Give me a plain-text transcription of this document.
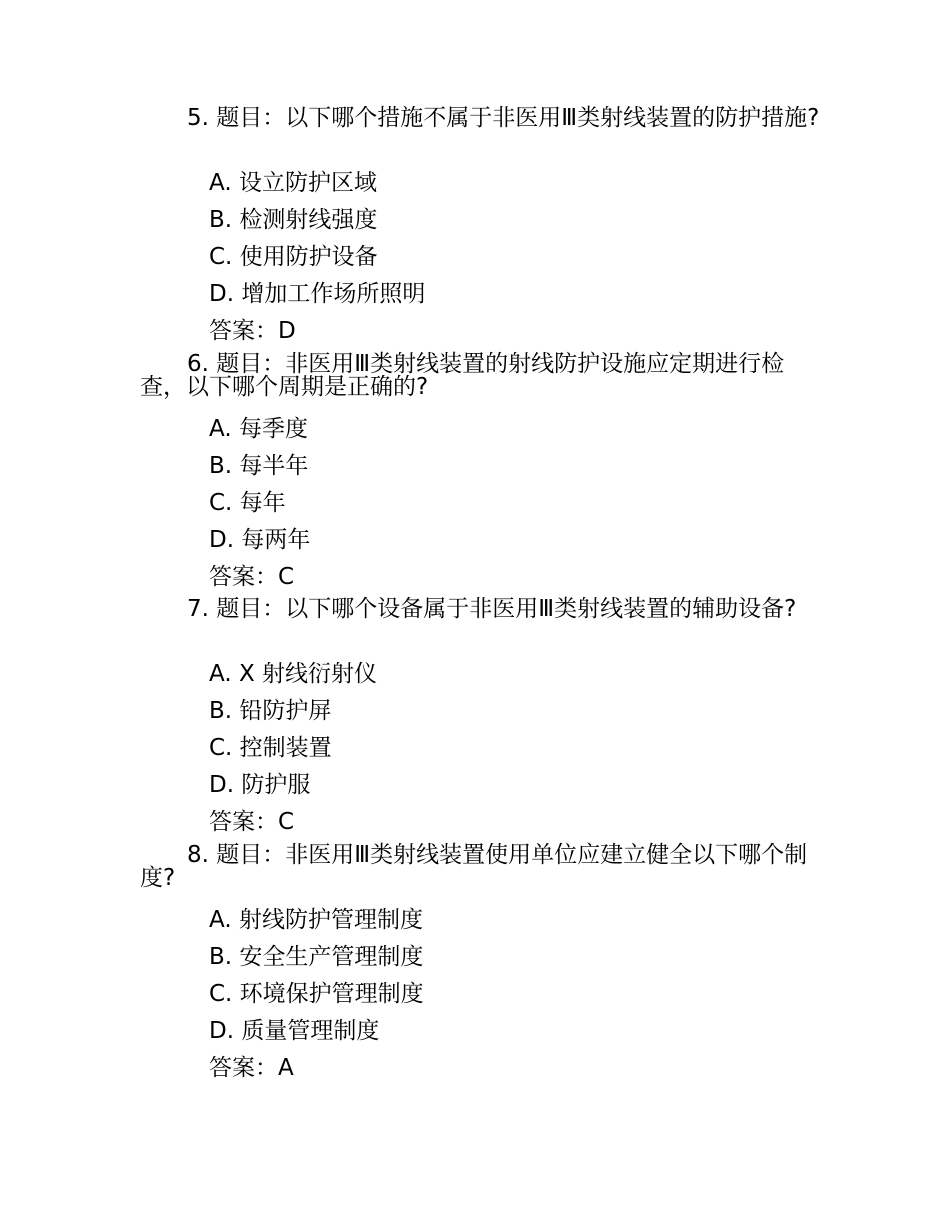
5. 题目：以下哪个措施不属于非医用Ⅲ类射线装置的防护措施?

A. 设立防护区域
B. 检测射线强度
C. 使用防护设备
D. 增加工作场所照明
答案：D

6. 题目：非医用Ⅲ类射线装置的射线防护设施应定期进行检查，以下哪个周期是正确的?

A. 每季度
B. 每半年
C. 每年
D. 每两年
答案：C

7. 题目：以下哪个设备属于非医用Ⅲ类射线装置的辅助设备?

A. X 射线衍射仪
B. 铅防护屏
C. 控制装置
D. 防护服
答案：C

8. 题目：非医用Ⅲ类射线装置使用单位应建立健全以下哪个制度?

A. 射线防护管理制度
B. 安全生产管理制度
C. 环境保护管理制度
D. 质量管理制度
答案：A
